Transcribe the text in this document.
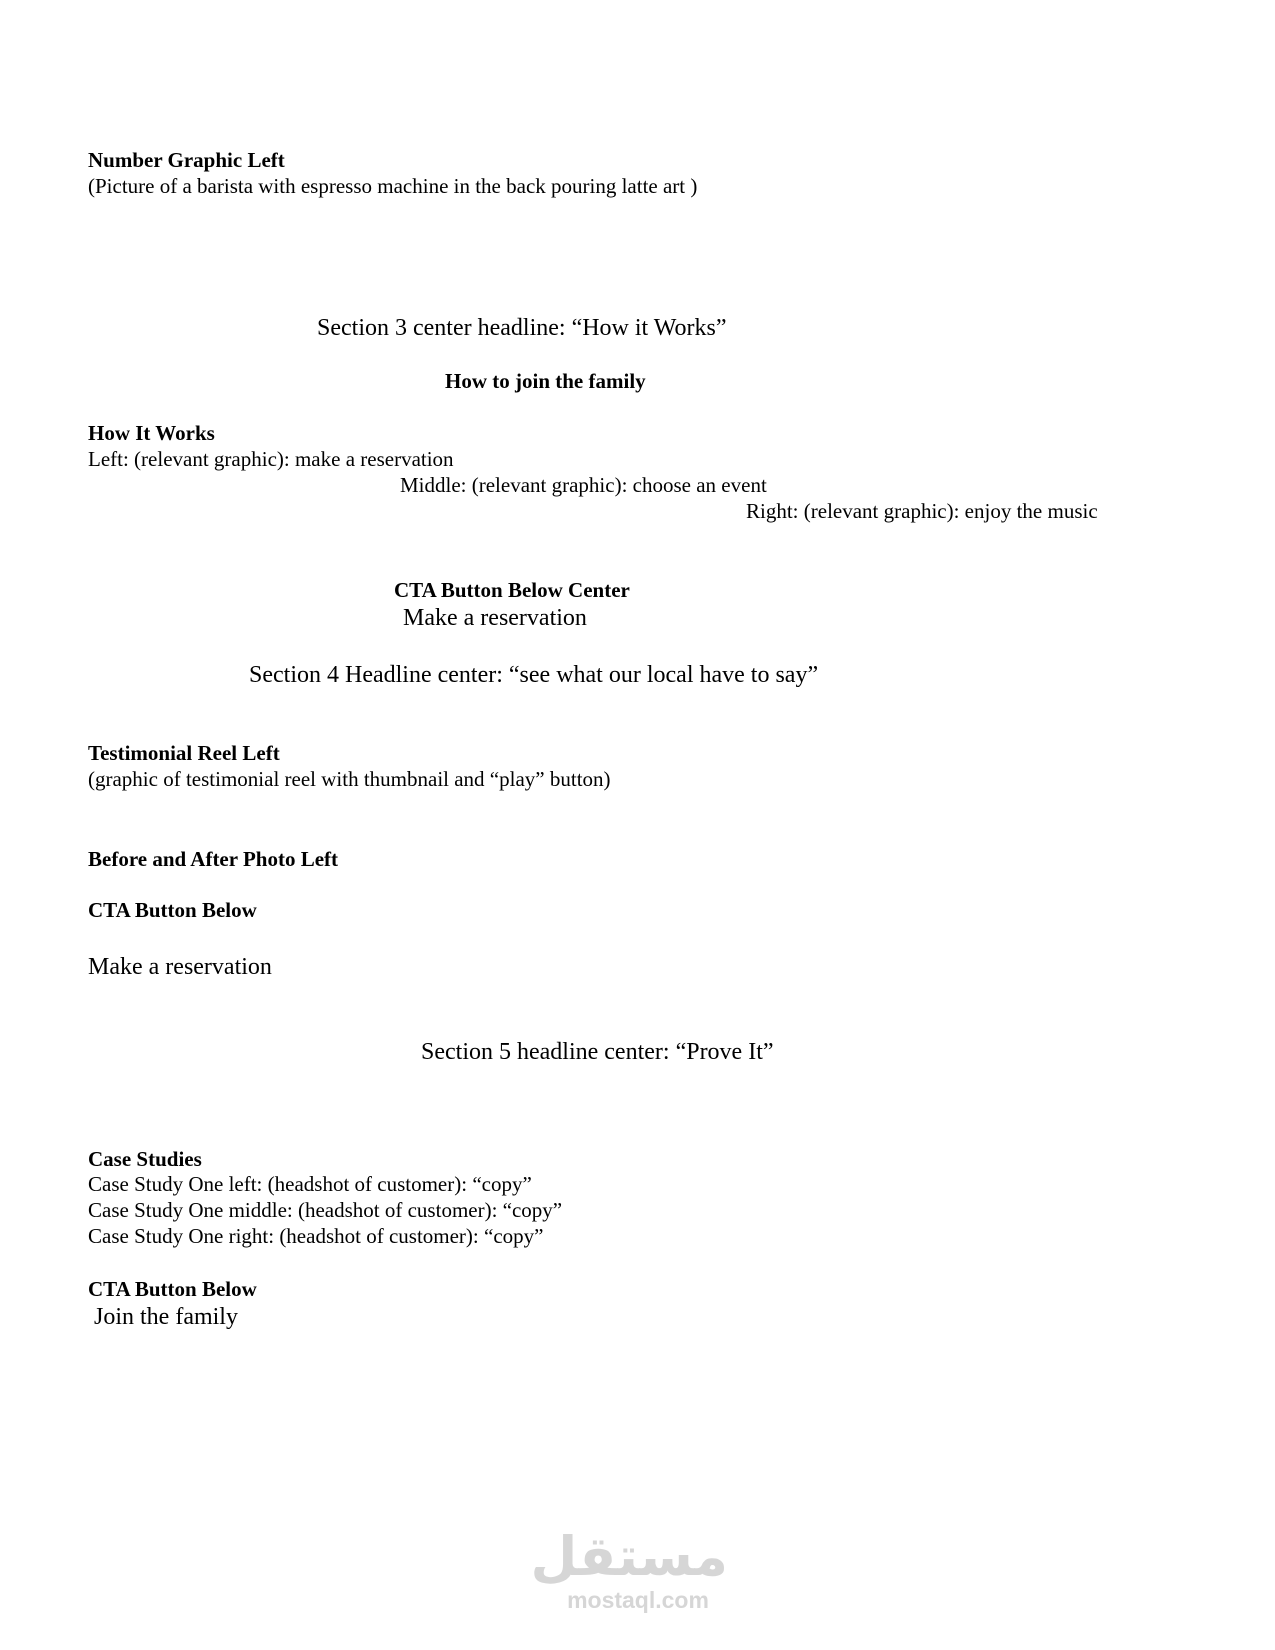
Number Graphic Left
(Picture of a barista with espresso machine in the back pouring latte art )
Section 3 center headline: “How it Works”
How to join the family
How It Works
Left: (relevant graphic): make a reservation
Middle: (relevant graphic): choose an event
Right: (relevant graphic): enjoy the music
CTA Button Below Center
Make a reservation
Section 4 Headline center: “see what our local have to say”
Testimonial Reel Left
(graphic of testimonial reel with thumbnail and “play” button)
Before and After Photo Left
CTA Button Below
Make a reservation
Section 5 headline center: “Prove It”
Case Studies
Case Study One left: (headshot of customer): “copy”
Case Study One middle: (headshot of customer): “copy”
Case Study One right: (headshot of customer): “copy”
CTA Button Below
Join the family
مستقل
mostaql.com
